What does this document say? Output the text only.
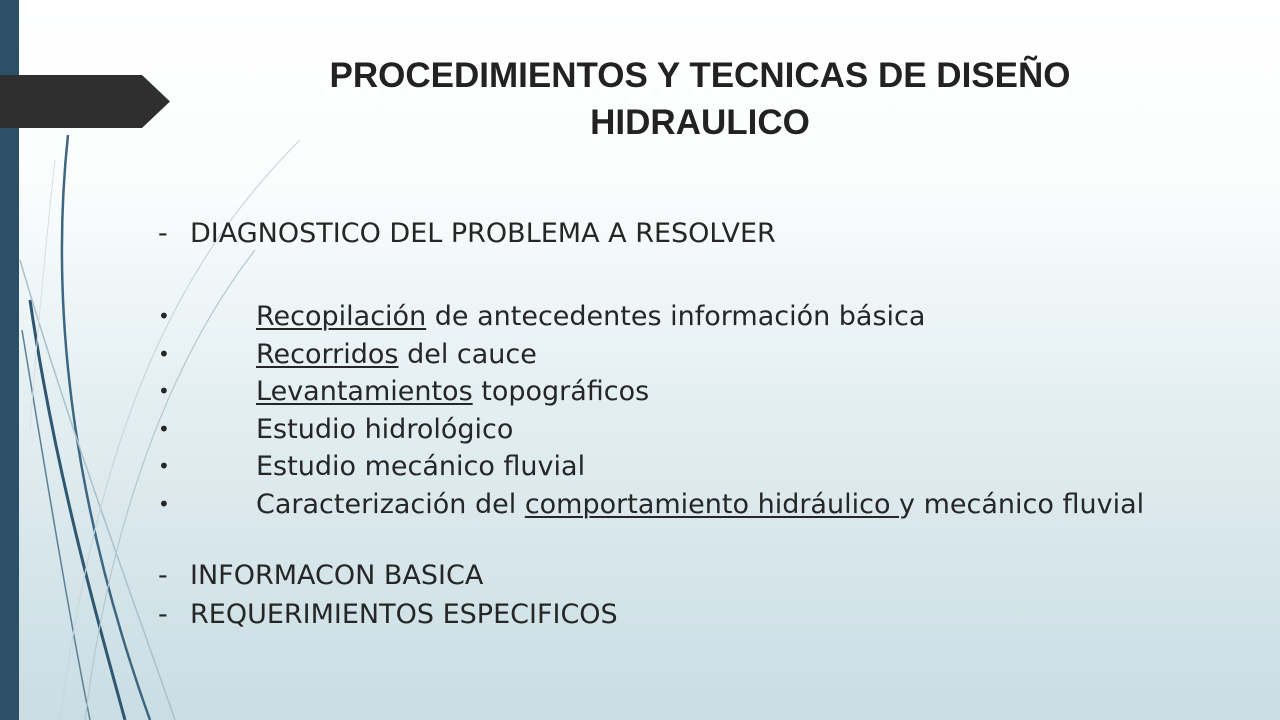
PROCEDIMIENTOS Y TECNICAS DE DISEÑO
HIDRAULICO
- DIAGNOSTICO DEL PROBLEMA A RESOLVER
•	Recopilación de antecedentes información básica
•	Recorridos del cauce
•	Levantamientos topográficos
•	Estudio hidrológico
•	Estudio mecánico fluvial
•	Caracterización del comportamiento hidráulico y mecánico fluvial
- INFORMACON BASICA
- REQUERIMIENTOS ESPECIFICOS
